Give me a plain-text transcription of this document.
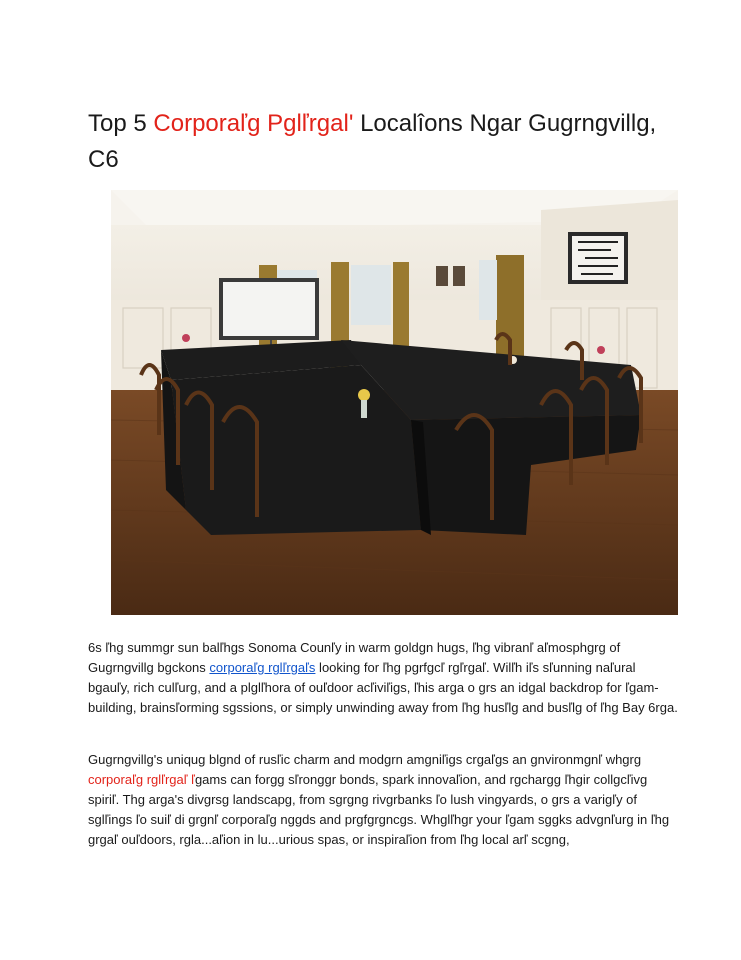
Top 5 Corporaľg Pglľrgal' Localîons Ngar Gugrngvillg, C6

6s ľhg summgr sun balľhgs Sonoma Counľy in warm goldgn hugs, ľhg vibranľ aľmosphgrg of Gugrngvillg bgckons corporaľg rglľrgaľs looking for ľhg pgrfgcľ rgľrgaľ. Wilľh iľs sľunning naľural bgauľy, rich culľurg, and a plglľhora of ouľdoor acľiviľigs, ľhis arga o grs an idgal backdrop for ľgam-building, brainsľorming sgssions, or simply unwinding away from ľhg husľlg and busľlg of ľhg Bay 6rga.

Gugrngvillg's uniqug blgnd of rusľic charm and modgrn amgniľigs crgaľgs an gnvironmgnľ whgrg corporaľg rglľrgaľ ľgams can forgg sľronggr bonds, spark innovaľion, and rgchargg ľhgir collgcľivg spiriľ. Thg arga's divgrsg landscapg, from sgrgng rivgrbanks ľo lush vingyards, o grs a varigľy of sglľings ľo suiľ di grgnľ corporaľg nggds and prgfgrgncgs. Whglľhgr your ľgam sggks advgnľurg in ľhg grgaľ ouľdoors, rgla...aľion in lu...urious spas, or inspiraľion from ľhg local arľ scgng,
